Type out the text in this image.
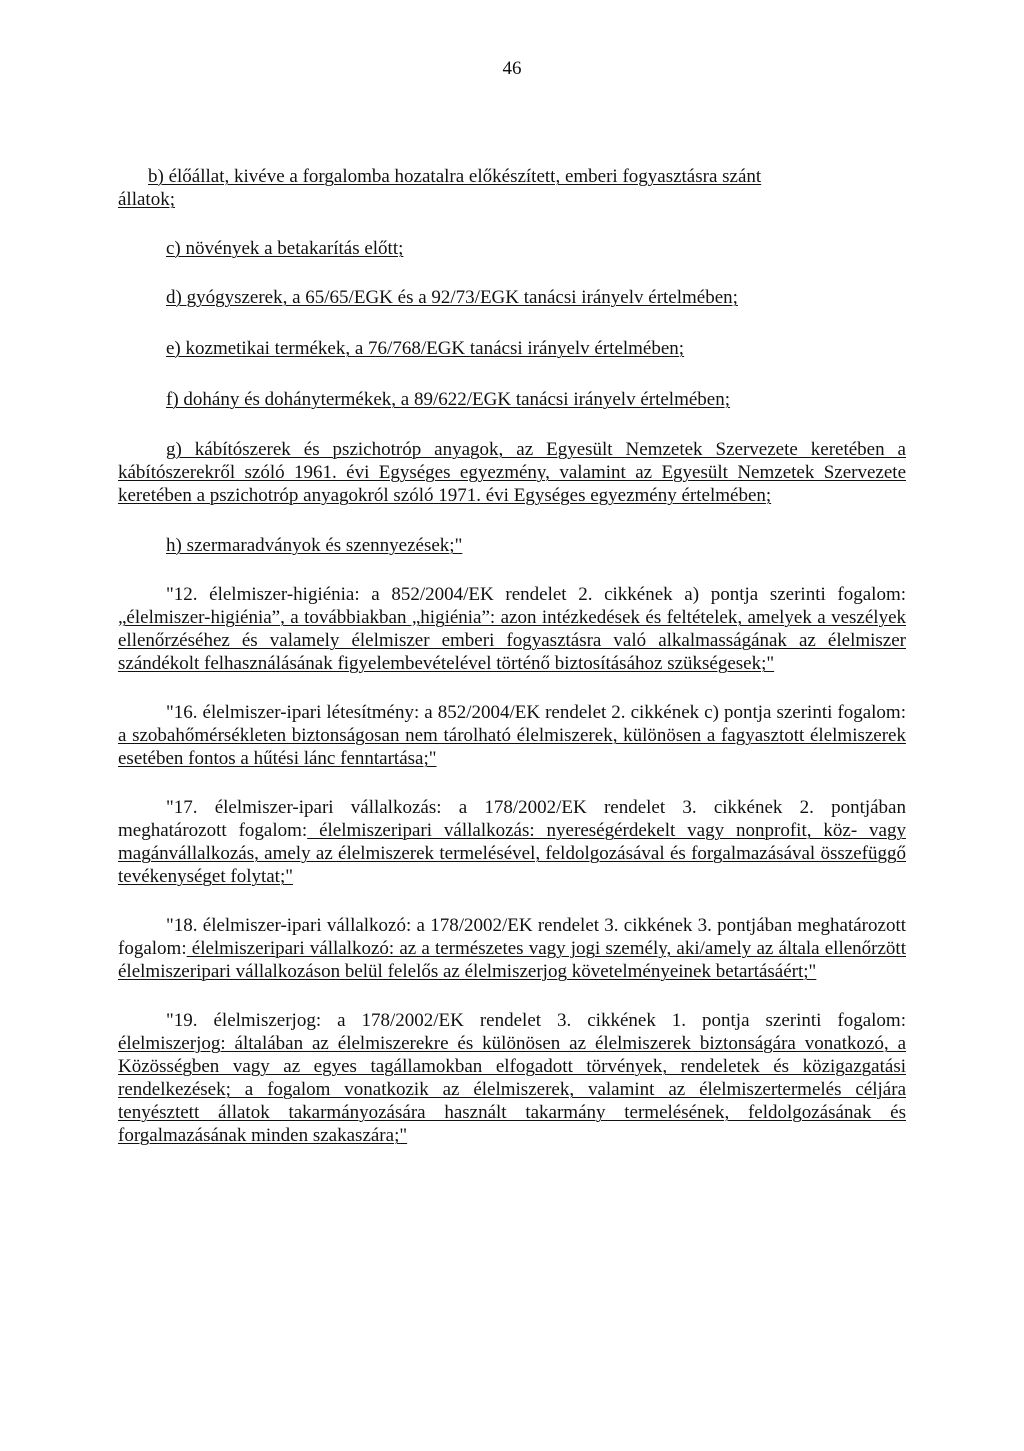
46

b) élőállat, kivéve a forgalomba hozatalra előkészített, emberi fogyasztásra szánt

állatok;

c) növények a betakarítás előtt;

d) gyógyszerek, a 65/65/EGK és a 92/73/EGK tanácsi irányelv értelmében;

e) kozmetikai termékek, a 76/768/EGK tanácsi irányelv értelmében;

f) dohány és dohánytermékek, a 89/622/EGK tanácsi irányelv értelmében;

g) kábítószerek és pszichotróp anyagok, az Egyesült Nemzetek Szervezete keretében a kábítószerekről szóló 1961. évi Egységes egyezmény, valamint az Egyesült Nemzetek Szervezete keretében a pszichotróp anyagokról szóló 1971. évi Egységes egyezmény értelmében;

h) szermaradványok és szennyezések;"

"12. élelmiszer-higiénia: a 852/2004/EK rendelet 2. cikkének a) pontja szerinti fogalom: „élelmiszer-higiénia”, a továbbiakban „higiénia”: azon intézkedések és feltételek, amelyek a veszélyek ellenőrzéséhez és valamely élelmiszer emberi fogyasztásra való alkalmasságának az élelmiszer szándékolt felhasználásának figyelembevételével történő biztosításához szükségesek;"

"16. élelmiszer-ipari létesítmény: a 852/2004/EK rendelet 2. cikkének c) pontja szerinti fogalom: a szobahőmérsékleten biztonságosan nem tárolható élelmiszerek, különösen a fagyasztott élelmiszerek esetében fontos a hűtési lánc fenntartása;"

"17. élelmiszer-ipari vállalkozás: a 178/2002/EK rendelet 3. cikkének 2. pontjában meghatározott fogalom: élelmiszeripari vállalkozás: nyereségérdekelt vagy nonprofit, köz- vagy magánvállalkozás, amely az élelmiszerek termelésével, feldolgozásával és forgalmazásával összefüggő tevékenységet folytat;"

"18. élelmiszer-ipari vállalkozó: a 178/2002/EK rendelet 3. cikkének 3. pontjában meghatározott fogalom: élelmiszeripari vállalkozó: az a természetes vagy jogi személy, aki/amely az általa ellenőrzött élelmiszeripari vállalkozáson belül felelős az élelmiszerjog követelményeinek betartásáért;"

"19. élelmiszerjog: a 178/2002/EK rendelet 3. cikkének 1. pontja szerinti fogalom: élelmiszerjog: általában az élelmiszerekre és különösen az élelmiszerek biztonságára vonatkozó, a Közösségben vagy az egyes tagállamokban elfogadott törvények, rendeletek és közigazgatási rendelkezések; a fogalom vonatkozik az élelmiszerek, valamint az élelmiszertermelés céljára tenyésztett állatok takarmányozására használt takarmány termelésének, feldolgozásának és forgalmazásának minden szakaszára;"
